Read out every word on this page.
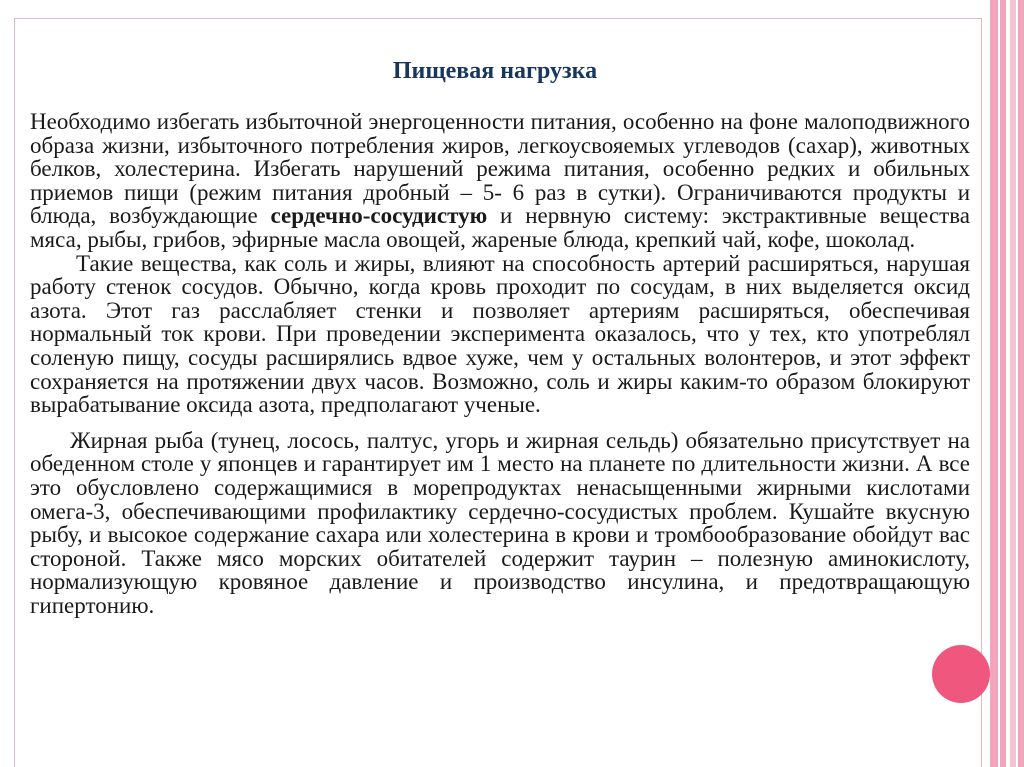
Пищевая нагрузка

Необходимо избегать избыточной энергоценности питания, особенно на фоне малоподвижного образа жизни, избыточного потребления жиров, легкоусвояемых углеводов (сахар), животных белков, холестерина. Избегать нарушений режима питания, особенно редких и обильных приемов пищи (режим питания дробный – 5- 6 раз в сутки). Ограничиваются продукты и блюда, возбуждающие сердечно-сосудистую и нервную систему: экстрактивные вещества мяса, рыбы, грибов, эфирные масла овощей, жареные блюда, крепкий чай, кофе, шоколад.

Такие вещества, как соль и жиры, влияют на способность артерий расширяться, нарушая работу стенок сосудов. Обычно, когда кровь проходит по сосудам, в них выделяется оксид азота. Этот газ расслабляет стенки и позволяет артериям расширяться, обеспечивая нормальный ток крови. При проведении эксперимента оказалось, что у тех, кто употреблял соленую пищу, сосуды расширялись вдвое хуже, чем у остальных волонтеров, и этот эффект сохраняется на протяжении двух часов. Возможно, соль и жиры каким-то образом блокируют вырабатывание оксида азота, предполагают ученые.

Жирная рыба (тунец, лосось, палтус, угорь и жирная сельдь) обязательно присутствует на обеденном столе у японцев и гарантирует им 1 место на планете по длительности жизни. А все это обусловлено содержащимися в морепродуктах ненасыщенными жирными кислотами омега-3, обеспечивающими профилактику сердечно-сосудистых проблем. Кушайте вкусную рыбу, и высокое содержание сахара или холестерина в крови и тромбообразование обойдут вас стороной. Также мясо морских обитателей содержит таурин – полезную аминокислоту, нормализующую кровяное давление и производство инсулина, и предотвращающую гипертонию.
